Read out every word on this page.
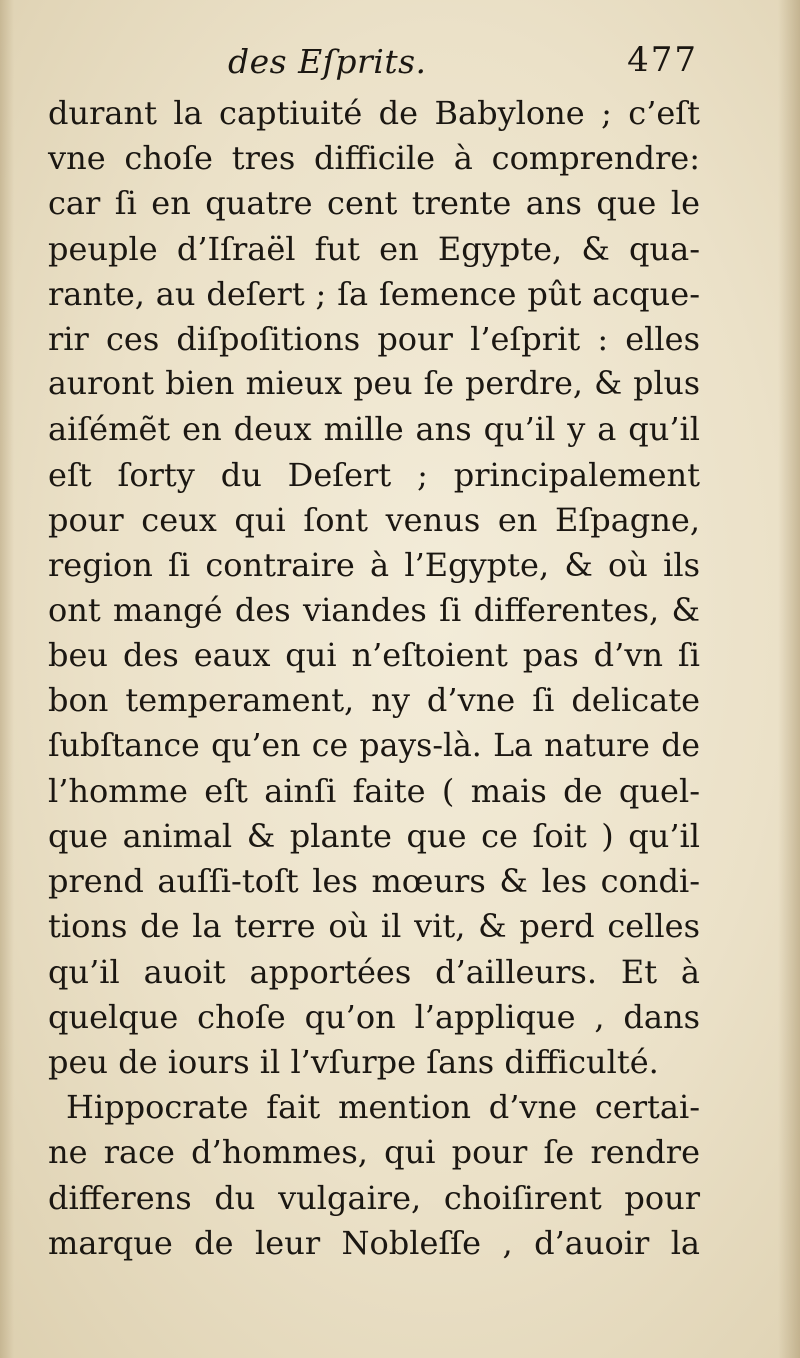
des Eſprits.	477
durant la captiuité de Babylone ; c’eſt
vne choſe tres difficile à comprendre:
car ſi en quatre cent trente ans que le
peuple d’Iſraël fut en Egypte, & qua-
rante, au deſert ; ſa ſemence pût acque-
rir ces diſpoſitions pour l’eſprit : elles
auront bien mieux peu ſe perdre, & plus
aiſémẽt en deux mille ans qu’il y a qu’il
eſt ſorty du Deſert ; principalement
pour ceux qui ſont venus en Eſpagne,
region ſi contraire à l’Egypte, & où ils
ont mangé des viandes ſi differentes, &
beu des eaux qui n’eſtoient pas d’vn ſi
bon temperament, ny d’vne ſi delicate
ſubſtance qu’en ce pays-là. La nature de
l’homme eſt ainſi faite ( mais de quel-
que animal & plante que ce ſoit ) qu’il
prend auſſi-toſt les mœurs & les condi-
tions de la terre où il vit, & perd celles
qu’il auoit apportées d’ailleurs. Et à
quelque choſe qu’on l’applique , dans
peu de iours il l’vſurpe ſans difficulté.
Hippocrate fait mention d’vne certai-
ne race d’hommes, qui pour ſe rendre
differens du vulgaire, choiſirent pour
marque de leur Nobleſſe , d’auoir la
